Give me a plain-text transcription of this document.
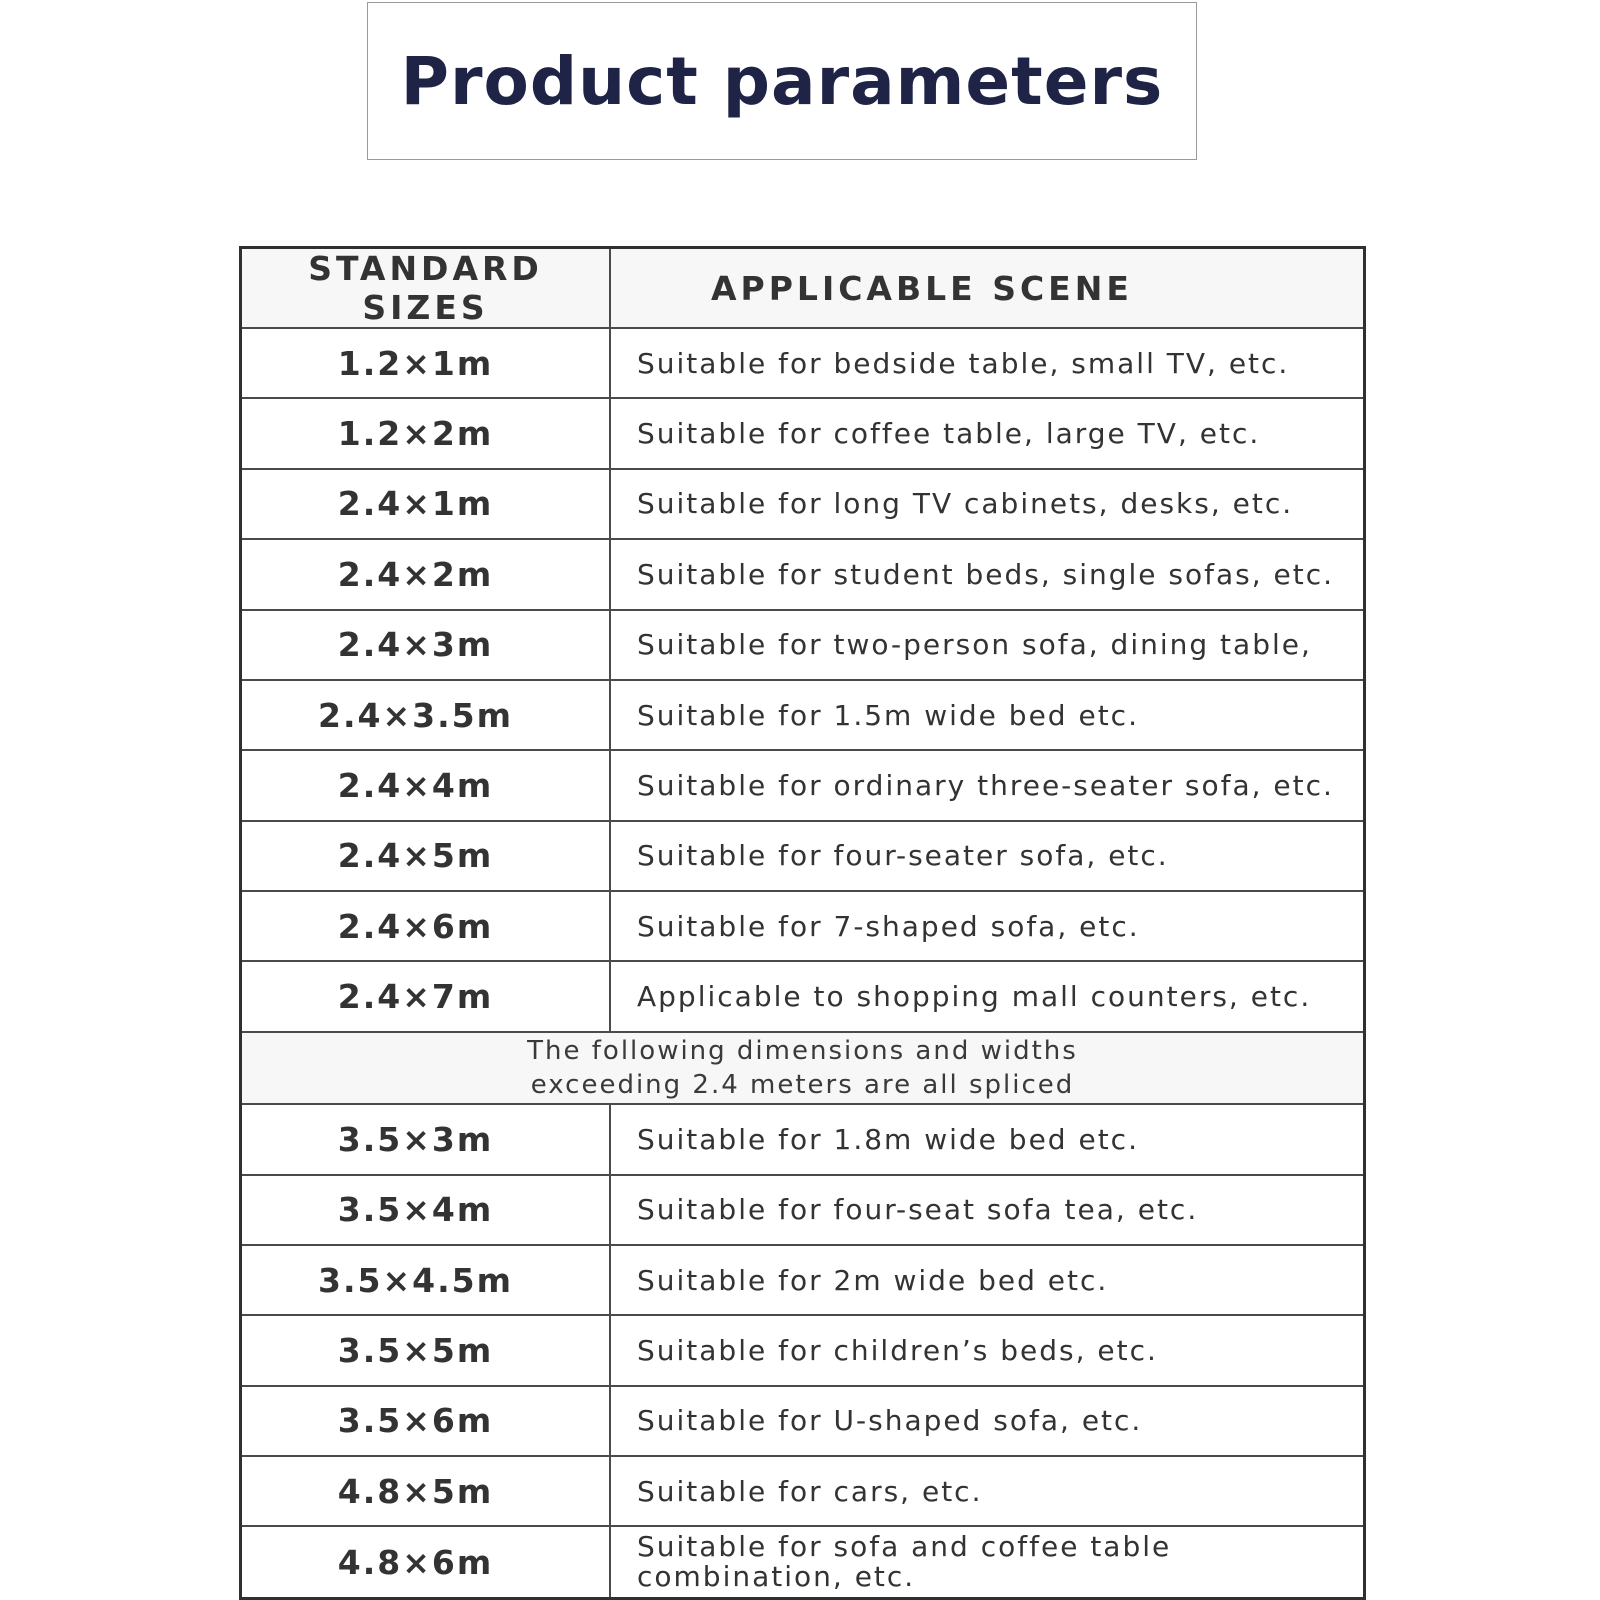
Product parameters
STANDARD SIZES	APPLICABLE SCENE
1.2×1m	Suitable for bedside table, small TV, etc.
1.2×2m	Suitable for coffee table, large TV, etc.
2.4×1m	Suitable for long TV cabinets, desks, etc.
2.4×2m	Suitable for student beds, single sofas, etc.
2.4×3m	Suitable for two-person sofa, dining table,
2.4×3.5m	Suitable for 1.5m wide bed etc.
2.4×4m	Suitable for ordinary three-seater sofa, etc.
2.4×5m	Suitable for four-seater sofa, etc.
2.4×6m	Suitable for 7-shaped sofa, etc.
2.4×7m	Applicable to shopping mall counters, etc.

The following dimensions and widths
exceeding 2.4 meters are all spliced	

3.5×3m	Suitable for 1.8m wide bed etc.
3.5×4m	Suitable for four-seat sofa tea, etc.
3.5×4.5m	Suitable for 2m wide bed etc.
3.5×5m	Suitable for children’s beds, etc.
3.5×6m	Suitable for U-shaped sofa, etc.
4.8×5m	Suitable for cars, etc.
4.8×6m	Suitable for sofa and coffee table combination, etc.
